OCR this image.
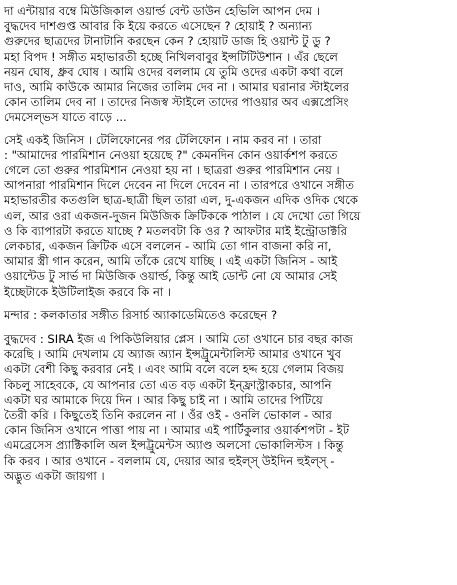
দা এন্টায়ার বম্বে মিউজিকাল ওয়ার্ল্ড বেন্ট ডাউন হেভিলি আপন দেম ।
বুদ্ধদেব দাশগুপ্ত আবার কি ইয়ে করতে এসেছেন ? হোয়াই ? অন্যান্য
গুরুদের ছাত্রদের টানাটানি করছেন কেন ? হোয়াট ডাজ হি ওয়ান্ট টু ডু ?
মহা বিপদ ! সঙ্গীত মহাভারতী হচ্ছে নিখিলবাবুর ইন্সটিটিউশান । এঁর ছেলে
নয়ন ঘোষ, ধ্রুব ঘোষ । আমি ওদের বললাম যে তুমি ওদের একটা কথা বলে
দাও, আমি কাউকে আমার নিজের তালিম দেব না । আমার ঘরানার স্টাইলের
কোন তালিম দেব না । তাদের নিজস্ব স্টাইলে তাদের পাওয়ার অব এক্সপ্রেসিং
দেমসেল্ভস যাতে বাড়ে ...

সেই একই জিনিস । টেলিফোনের পর টেলিফোন । নাম করব না । তারা
: "আমাদের পারমিশান নেওয়া হয়েছে ?" কেমনদিন কোন ওয়ার্কশপ করতে
গেলে তো গুরুর পারমিশান নেওয়া হয় না । ছাত্ররা গুরুর পারমিশান নেয় ।
আপনারা পারমিশান দিলে দেবেন না দিলে দেবেন না । তারপরে ওখানে সঙ্গীত
মহাভারতীর কতগুলি ছাত্র-ছাত্রী ছিল তারা এল, দু-একজন এদিক ওদিক থেকে
এল, আর ওরা একজন-দুজন মিউজিক ক্রিটিককে পাঠাল । যে দেখো তো গিয়ে
ও কি ব্যাপারটা করতে যাচ্ছে ? মতলবটা কি ওর ? আফটার মাই ইন্ট্রোডাক্টরি
লেকচার, একজন ক্রিটিক এসে বললেন - আমি তো গান বাজনা করি না,
আমার স্ত্রী গান করেন, আমি তাঁকে রেখে যাচ্ছি । এই একটা জিনিস - আই
ওয়ান্টেড টু সার্ভ দা মিউজিক ওয়ার্ল্ড, কিন্তু আই ডোন্ট নো যে আমার সেই
ইচ্ছেটাকে ইউটিলাইজ করবে কি না ।

মন্দার : কলকাতার সঙ্গীত রিসার্চ অ্যাকাডেমিতেও করেছেন ?

বুদ্ধদেব : SIRA ইজ এ পিকিউলিয়ার প্লেস । আমি তো ওখানে চার বছর কাজ
করেছি । আমি দেখলাম যে অ্যাজ অ্যান ইন্সট্রুমেন্টালিস্ট আমার ওখানে খুব
একটা বেশী কিছু করবার নেই । এবং আমি বলে বলে হদ্দ হয়ে গেলাম বিজয়
কিচলু সাহেবকে, যে আপনার তো এত বড় একটা ইন্ফ্রাস্ট্রাকচার, আপনি
একটা ঘর আমাকে দিয়ে দিন । আর কিছু চাই না । আমি তাদের পিটিয়ে
তৈরী করি । কিছুতেই তিনি করলেন না । ওঁর ওই - ওনলি ভোকাল - আর
কোন জিনিস ওখানে পাত্তা পায় না । আমার এই পার্টিকুলার ওয়ার্কশপটা - ইট
এমব্রেসেস প্র্যাক্টিকালি অল ইন্সট্রুমেন্টস অ্যাণ্ড অলসো ভোকালিস্টস । কিন্তু
কি করব । আর ওখানে - বললাম যে, দেয়ার আর হুইল্স্ উইদিন হুইল্স্ -
অদ্ভুত একটা জায়গা ।
